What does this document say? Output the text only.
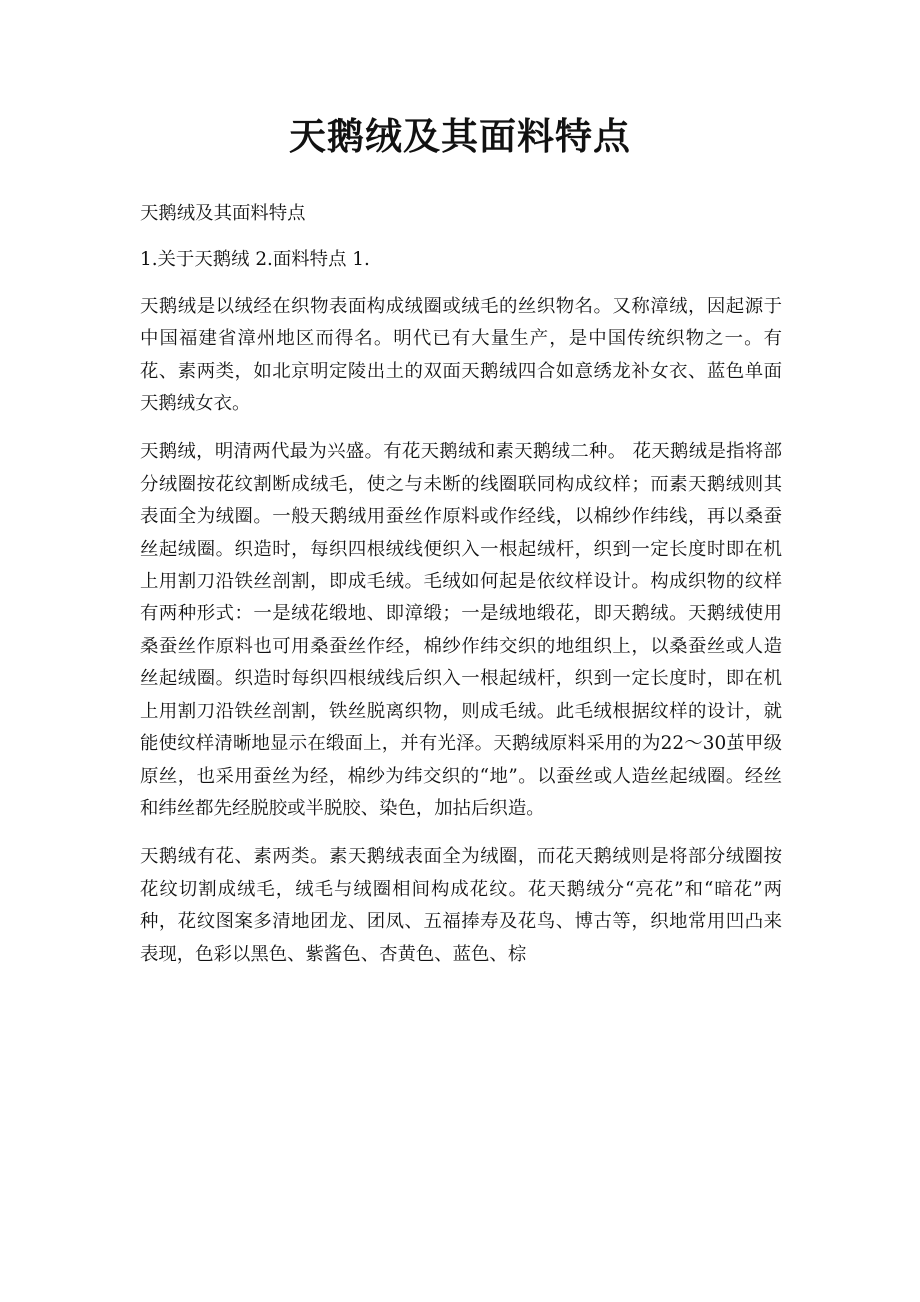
天鹅绒及其面料特点

天鹅绒及其面料特点

1.关于天鹅绒 2.面料特点 1.

天鹅绒是以绒经在织物表面构成绒圈或绒毛的丝织物名。又称漳绒，因起源于中国福建省漳州地区而得名。明代已有大量生产，是中国传统织物之一。有花、素两类，如北京明定陵出土的双面天鹅绒四合如意绣龙补女衣、蓝色单面天鹅绒女衣。

天鹅绒，明清两代最为兴盛。有花天鹅绒和素天鹅绒二种。 花天鹅绒是指将部分绒圈按花纹割断成绒毛，使之与未断的线圈联同构成纹样；而素天鹅绒则其表面全为绒圈。一般天鹅绒用蚕丝作原料或作经线，以棉纱作纬线，再以桑蚕丝起绒圈。织造时，每织四根绒线便织入一根起绒杆，织到一定长度时即在机上用割刀沿铁丝剖割，即成毛绒。毛绒如何起是依纹样设计。构成织物的纹样有两种形式：一是绒花缎地、即漳缎；一是绒地缎花，即天鹅绒。天鹅绒使用桑蚕丝作原料也可用桑蚕丝作经，棉纱作纬交织的地组织上，以桑蚕丝或人造丝起绒圈。织造时每织四根绒线后织入一根起绒杆，织到一定长度时，即在机上用割刀沿铁丝剖割，铁丝脱离织物，则成毛绒。此毛绒根据纹样的设计，就能使纹样清晰地显示在缎面上，并有光泽。天鹅绒原料采用的为22～30茧甲级原丝，也采用蚕丝为经，棉纱为纬交织的“地”。以蚕丝或人造丝起绒圈。经丝和纬丝都先经脱胶或半脱胶、染色，加拈后织造。

天鹅绒有花、素两类。素天鹅绒表面全为绒圈，而花天鹅绒则是将部分绒圈按花纹切割成绒毛，绒毛与绒圈相间构成花纹。花天鹅绒分“亮花”和“暗花”两种，花纹图案多清地团龙、团凤、五福捧寿及花鸟、博古等，织地常用凹凸来表现，色彩以黑色、紫酱色、杏黄色、蓝色、棕
